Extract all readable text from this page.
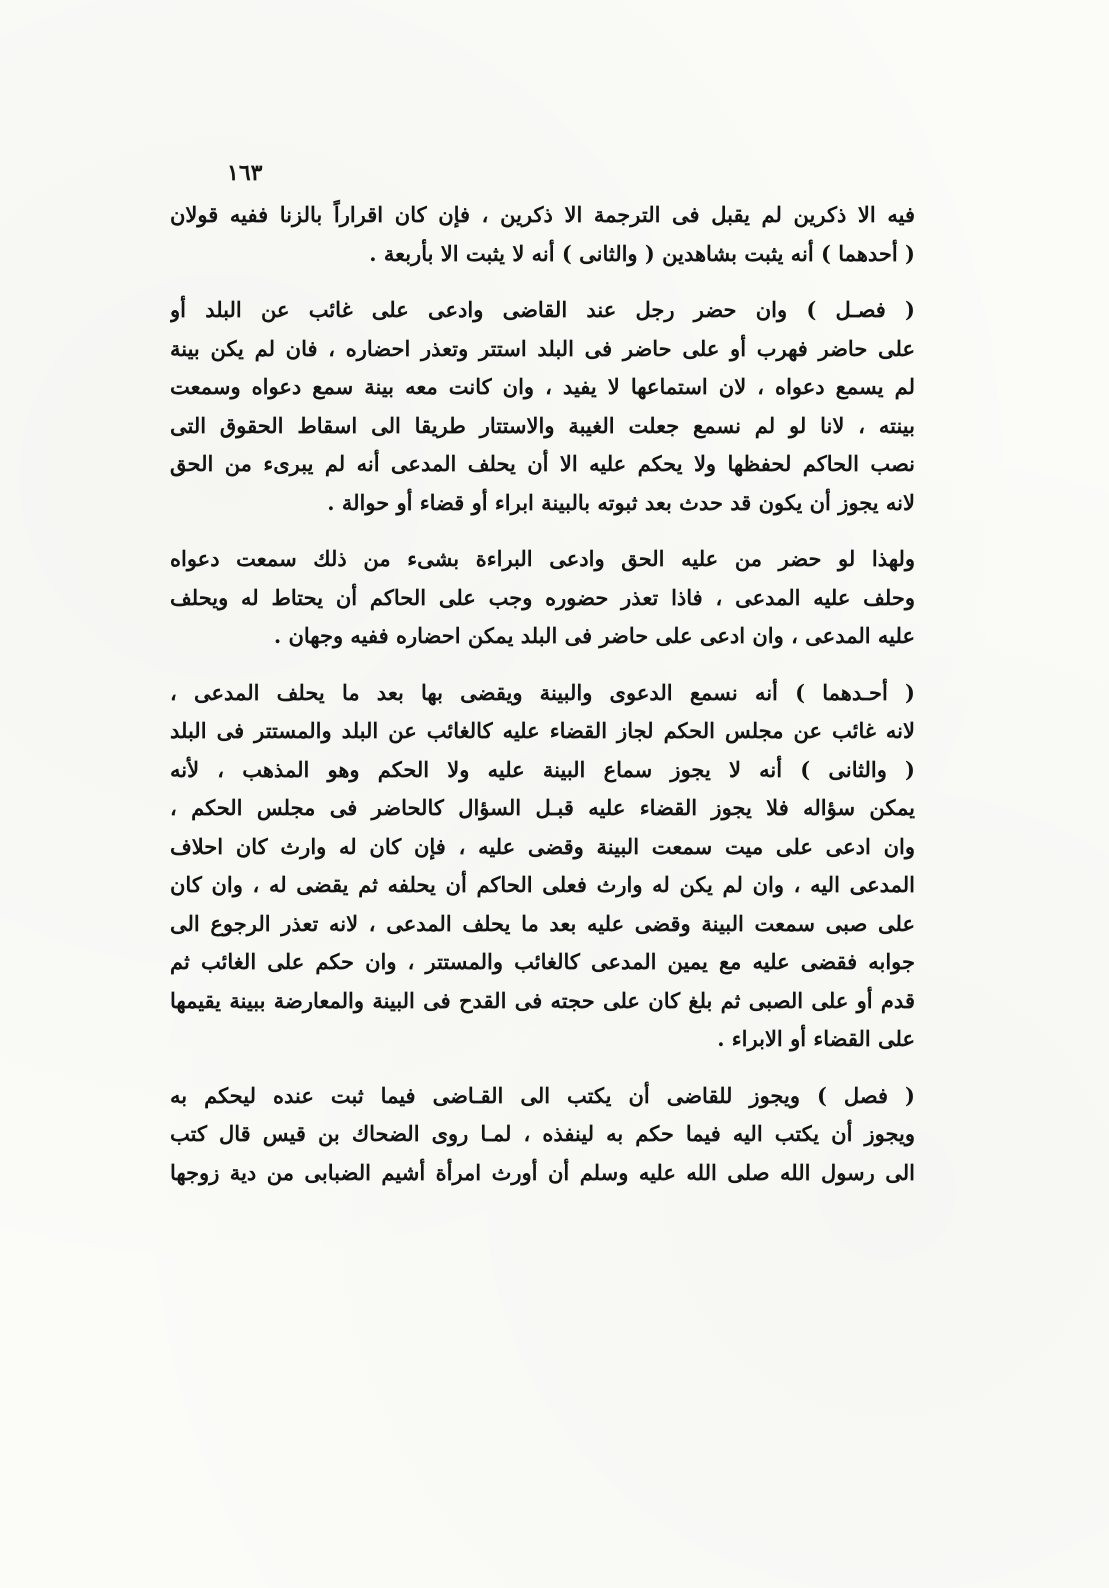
١٦٣
فيه الا ذكرين لم يقبل فى الترجمة الا ذكرين ، فإن كان اقراراً بالزنا ففيه قولان
( أحدهما ) أنه يثبت بشاهدين ( والثانى ) أنه لا يثبت الا بأربعة .
( فصـل ) وان حضر رجل عند القاضى وادعى على غائب عن البلد أو
على حاضر فهرب أو على حاضر فى البلد استتر وتعذر احضاره ، فان لم يكن بينة
لم يسمع دعواه ، لان استماعها لا يفيد ، وان كانت معه بينة سمع دعواه وسمعت
بينته ، لانا لو لم نسمع جعلت الغيبة والاستتار طريقا الى اسقاط الحقوق التى
نصب الحاكم لحفظها ولا يحكم عليه الا أن يحلف المدعى أنه لم يبرىء من الحق
لانه يجوز أن يكون قد حدث بعد ثبوته بالبينة ابراء أو قضاء أو حوالة .
ولهذا لو حضر من عليه الحق وادعى البراءة بشىء من ذلك سمعت دعواه
وحلف عليه المدعى ، فاذا تعذر حضوره وجب على الحاكم أن يحتاط له ويحلف
عليه المدعى ، وان ادعى على حاضر فى البلد يمكن احضاره ففيه وجهان .
( أحـدهما ) أنه نسمع الدعوى والبينة ويقضى بها بعد ما يحلف المدعى ،
لانه غائب عن مجلس الحكم لجاز القضاء عليه كالغائب عن البلد والمستتر فى البلد
( والثانى ) أنه لا يجوز سماع البينة عليه ولا الحكم وهو المذهب ، لأنه
يمكن سؤاله فلا يجوز القضاء عليه قبـل السؤال كالحاضر فى مجلس الحكم ،
وان ادعى على ميت سمعت البينة وقضى عليه ، فإن كان له وارث كان احلاف
المدعى اليه ، وان لم يكن له وارث فعلى الحاكم أن يحلفه ثم يقضى له ، وان كان
على صبى سمعت البينة وقضى عليه بعد ما يحلف المدعى ، لانه تعذر الرجوع الى
جوابه فقضى عليه مع يمين المدعى كالغائب والمستتر ، وان حكم على الغائب ثم
قدم أو على الصبى ثم بلغ كان على حجته فى القدح فى البينة والمعارضة ببينة يقيمها
على القضاء أو الابراء .
( فصل ) ويجوز للقاضى أن يكتب الى القـاضى فيما ثبت عنده ليحكم به
ويجوز أن يكتب اليه فيما حكم به لينفذه ، لمـا روى الضحاك بن قيس قال كتب
الى رسول الله صلى الله عليه وسلم أن أورث امرأة أشيم الضبابى من دية زوجها
